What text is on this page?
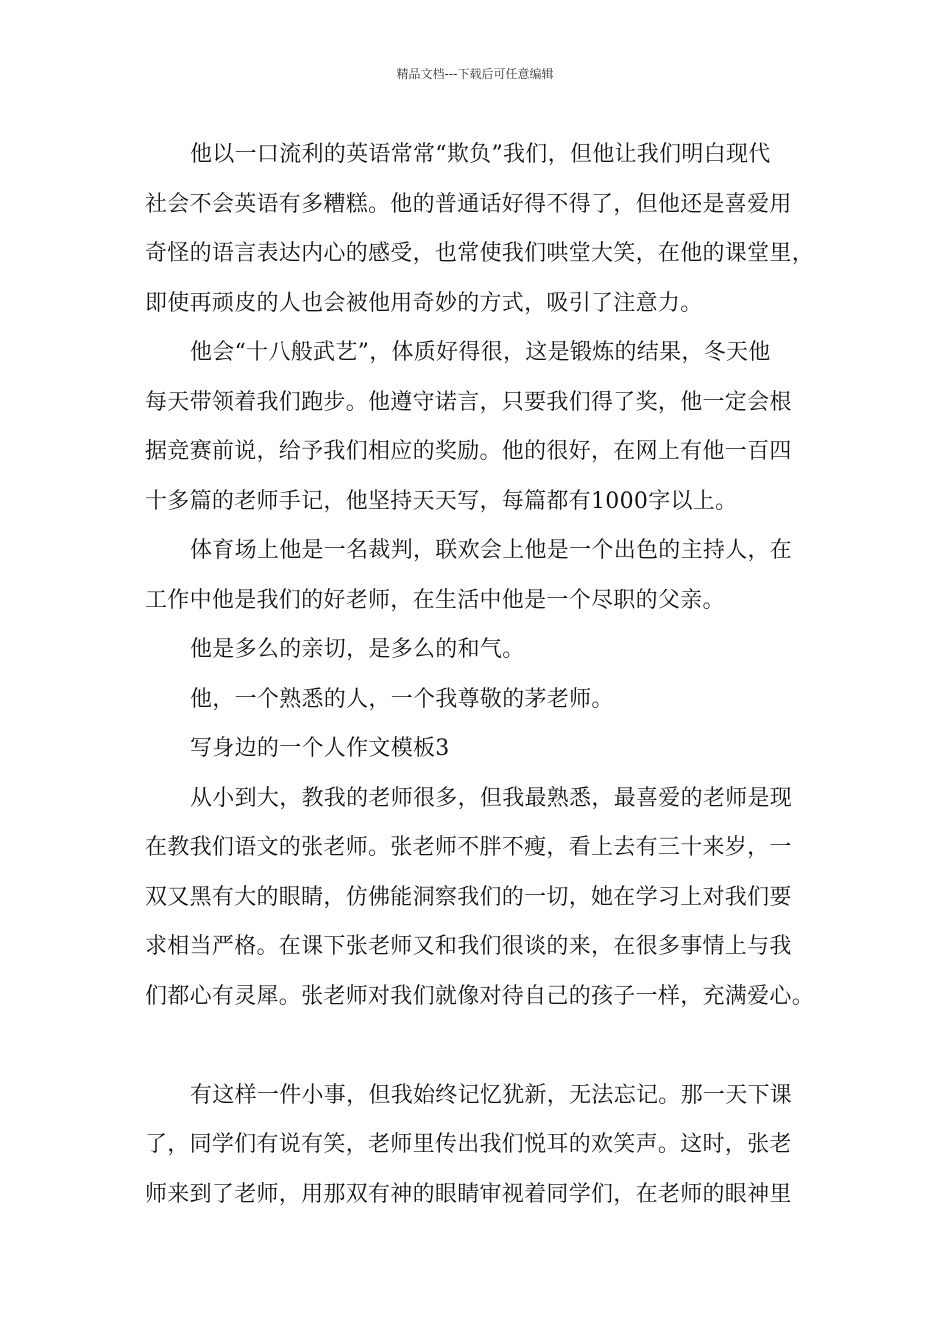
精品文档---下载后可任意编辑
他以一口流利的英语常常“欺负”我们，但他让我们明白现代
社会不会英语有多糟糕。他的普通话好得不得了，但他还是喜爱用
奇怪的语言表达内心的感受，也常使我们哄堂大笑，在他的课堂里，
即使再顽皮的人也会被他用奇妙的方式，吸引了注意力。
他会“十八般武艺”，体质好得很，这是锻炼的结果，冬天他
每天带领着我们跑步。他遵守诺言，只要我们得了奖，他一定会根
据竞赛前说，给予我们相应的奖励。他的很好，在网上有他一百四
十多篇的老师手记，他坚持天天写，每篇都有1000字以上。
体育场上他是一名裁判，联欢会上他是一个出色的主持人，在
工作中他是我们的好老师，在生活中他是一个尽职的父亲。
他是多么的亲切，是多么的和气。
他，一个熟悉的人，一个我尊敬的茅老师。
写身边的一个人作文模板3
从小到大，教我的老师很多，但我最熟悉，最喜爱的老师是现
在教我们语文的张老师。张老师不胖不瘦，看上去有三十来岁，一
双又黑有大的眼睛，仿佛能洞察我们的一切，她在学习上对我们要
求相当严格。在课下张老师又和我们很谈的来，在很多事情上与我
们都心有灵犀。张老师对我们就像对待自己的孩子一样，充满爱心。
有这样一件小事，但我始终记忆犹新，无法忘记。那一天下课
了，同学们有说有笑，老师里传出我们悦耳的欢笑声。这时，张老
师来到了老师，用那双有神的眼睛审视着同学们，在老师的眼神里
